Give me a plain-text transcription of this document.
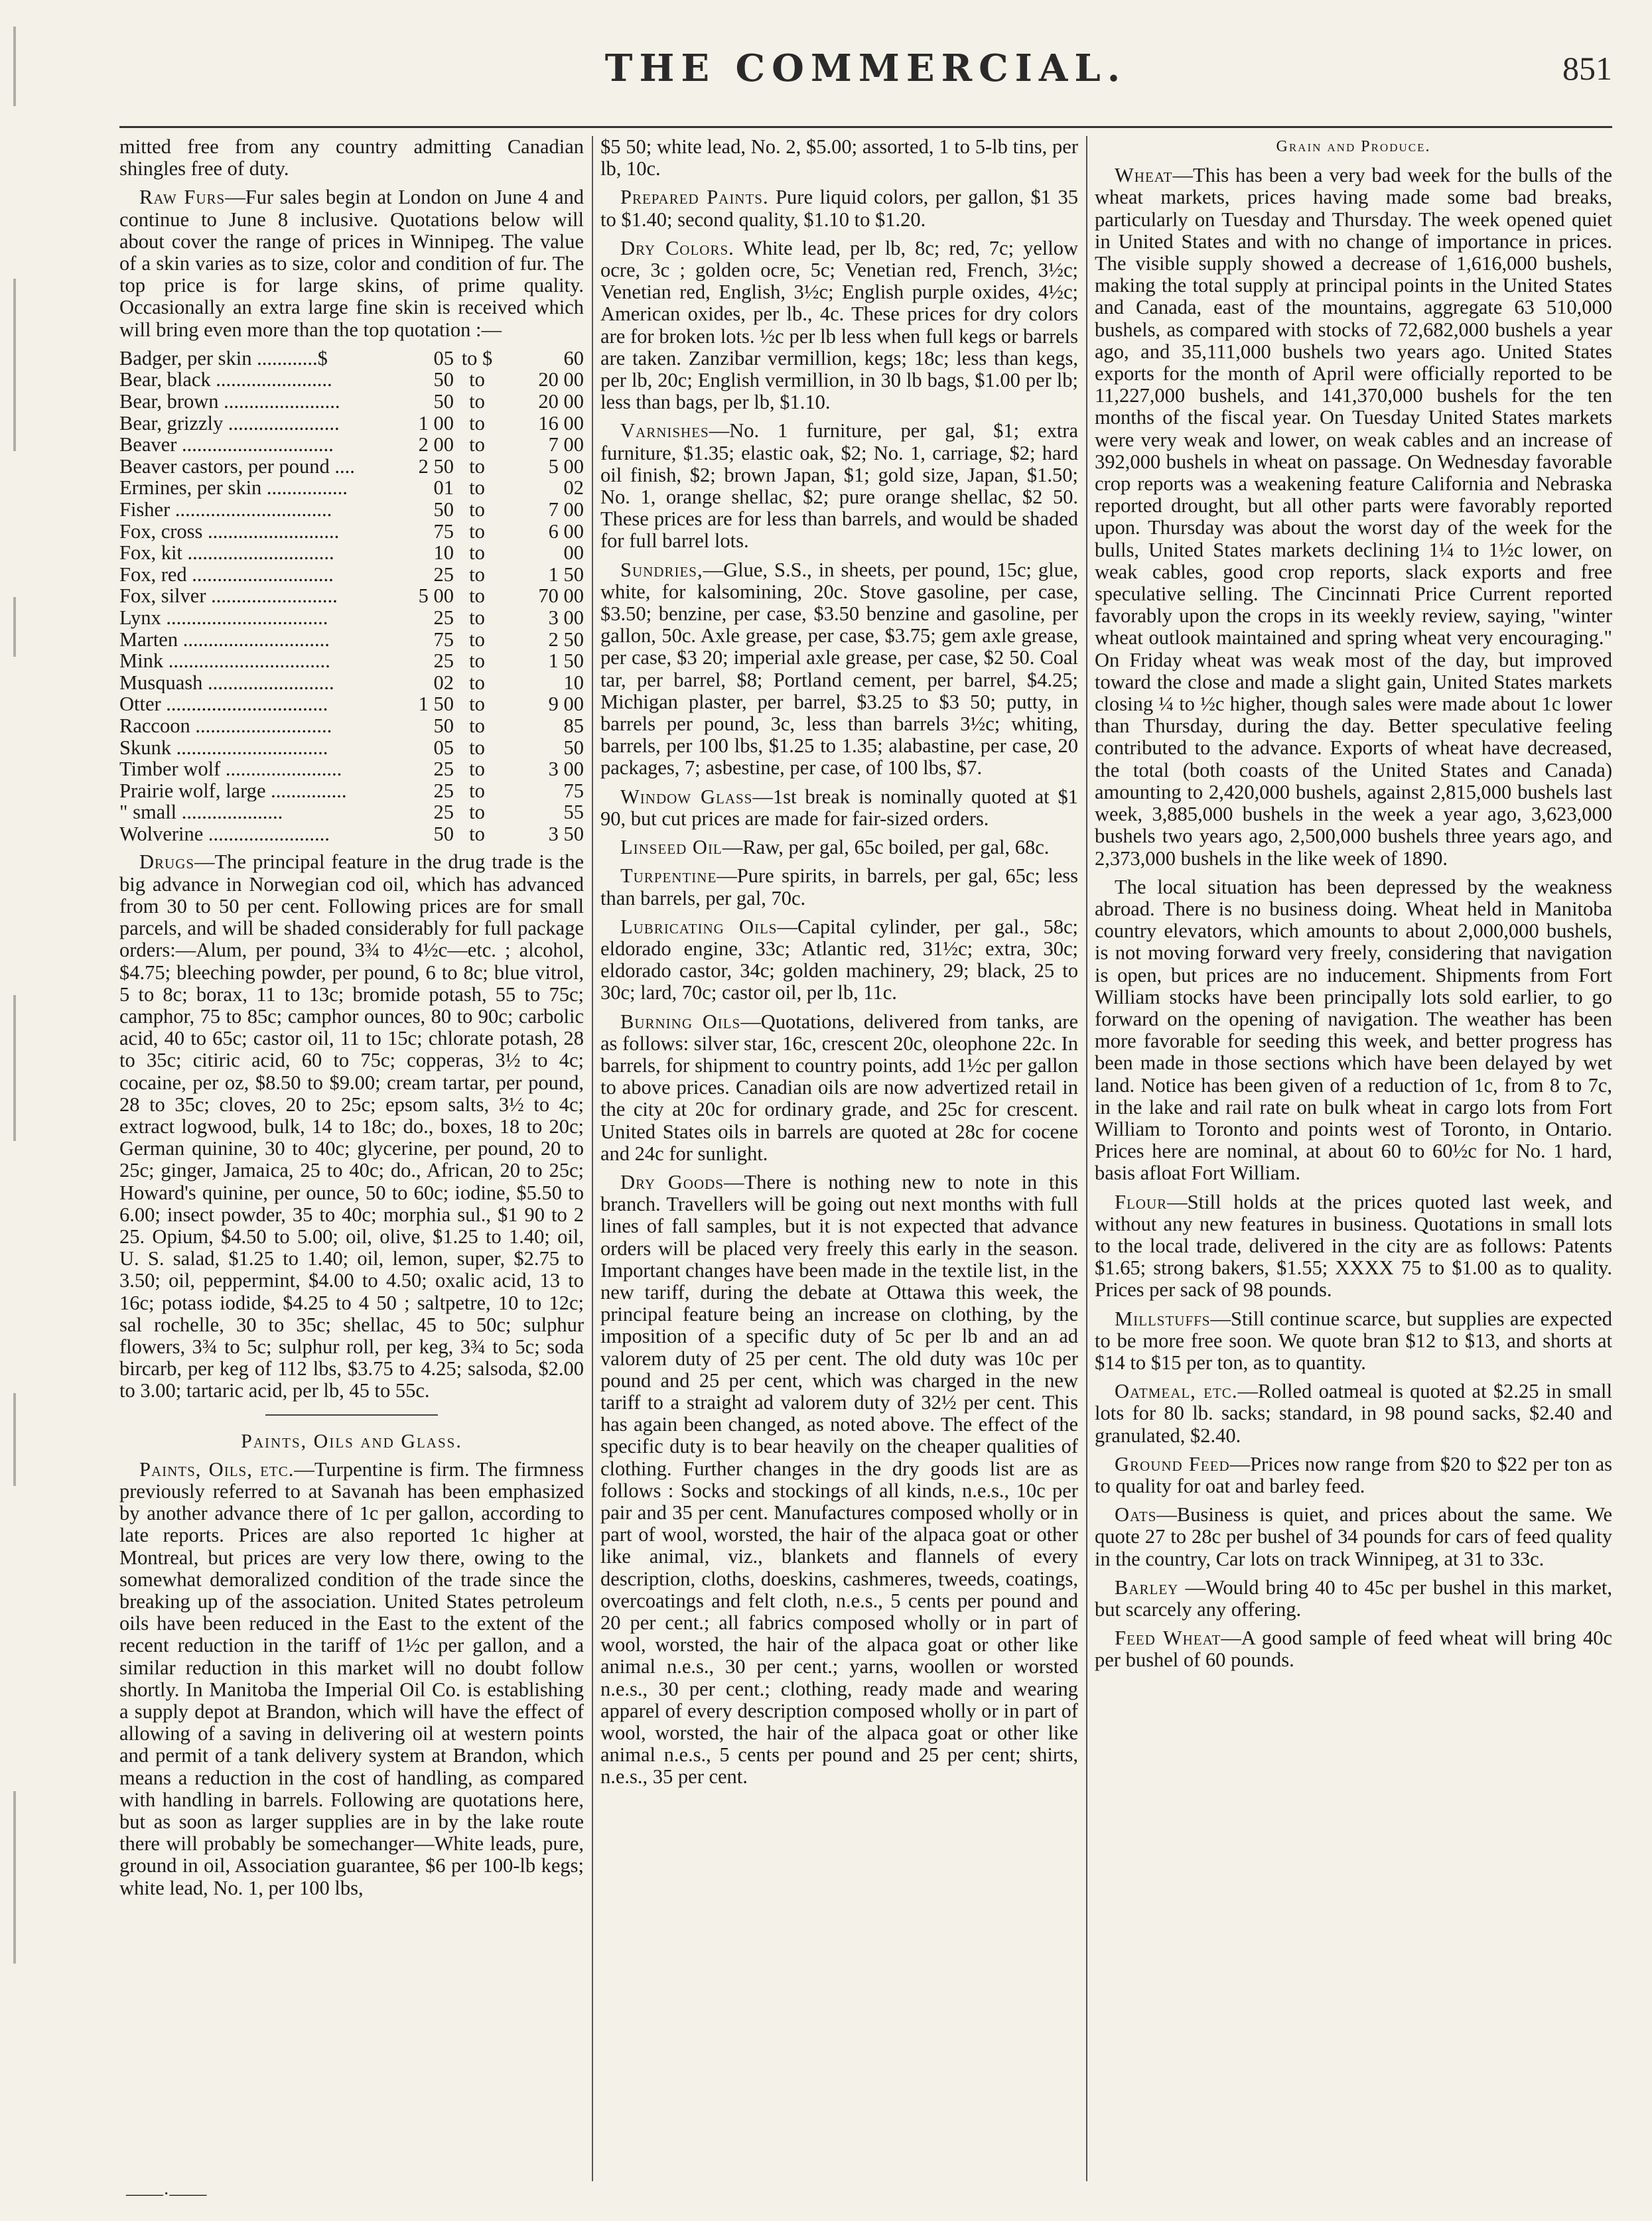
THE COMMERCIAL.	851

mitted free from any country admitting Canadian shingles free of duty.

Raw Furs—Fur sales begin at London on June 4 and continue to June 8 inclusive. Quotations below will about cover the range of prices in Winnipeg. The value of a skin varies as to size, color and condition of fur. The top price is for large skins, of prime quality. Occasionally an extra large fine skin is received which will bring even more than the top quotation :—

Badger, per skin ............$	05	to $	60
Bear, black .......................	50	to	20 00
Bear, brown .......................	50	to	20 00
Bear, grizzly ......................	1 00	to	16 00
Beaver ..............................	2 00	to	7 00
Beaver castors, per pound ....	2 50	to	5 00
Ermines, per skin ................	01	to	02
Fisher ...............................	50	to	7 00
Fox, cross ..........................	75	to	6 00
Fox, kit .............................	10	to	00
Fox, red ............................	25	to	1 50
Fox, silver .........................	5 00	to	70 00
Lynx ................................	25	to	3 00
Marten .............................	75	to	2 50
Mink ................................	25	to	1 50
Musquash .........................	02	to	10
Otter ................................	1 50	to	9 00
Raccoon ...........................	50	to	85
Skunk ..............................	05	to	50
Timber wolf .......................	25	to	3 00
Prairie wolf, large ...............	25	to	75
" small ....................	25	to	55
Wolverine ........................	50	to	3 50

Drugs—The principal feature in the drug trade is the big advance in Norwegian cod oil, which has advanced from 30 to 50 per cent. Following prices are for small parcels, and will be shaded considerably for full package orders:—Alum, per pound, 3¾ to 4½c—etc. ; alcohol, $4.75; bleeching powder, per pound, 6 to 8c; blue vitrol, 5 to 8c; borax, 11 to 13c; bromide potash, 55 to 75c; camphor, 75 to 85c; camphor ounces, 80 to 90c; carbolic acid, 40 to 65c; castor oil, 11 to 15c; chlorate potash, 28 to 35c; citiric acid, 60 to 75c; copperas, 3½ to 4c; cocaine, per oz, $8.50 to $9.00; cream tartar, per pound, 28 to 35c; cloves, 20 to 25c; epsom salts, 3½ to 4c; extract logwood, bulk, 14 to 18c; do., boxes, 18 to 20c; German quinine, 30 to 40c; glycerine, per pound, 20 to 25c; ginger, Jamaica, 25 to 40c; do., African, 20 to 25c; Howard's quinine, per ounce, 50 to 60c; iodine, $5.50 to 6.00; insect powder, 35 to 40c; morphia sul., $1 90 to 2 25. Opium, $4.50 to 5.00; oil, olive, $1.25 to 1.40; oil, U. S. salad, $1.25 to 1.40; oil, lemon, super, $2.75 to 3.50; oil, peppermint, $4.00 to 4.50; oxalic acid, 13 to 16c; potass iodide, $4.25 to 4 50 ; saltpetre, 10 to 12c; sal rochelle, 30 to 35c; shellac, 45 to 50c; sulphur flowers, 3¾ to 5c; sulphur roll, per keg, 3¾ to 5c; soda bircarb, per keg of 112 lbs, $3.75 to 4.25; salsoda, $2.00 to 3.00; tartaric acid, per lb, 45 to 55c.

Paints, Oils and Glass.

Paints, Oils, etc.—Turpentine is firm. The firmness previously referred to at Savanah has been emphasized by another advance there of 1c per gallon, according to late reports. Prices are also reported 1c higher at Montreal, but prices are very low there, owing to the somewhat demoralized condition of the trade since the breaking up of the association. United States petroleum oils have been reduced in the East to the extent of the recent reduction in the tariff of 1½c per gallon, and a similar reduction in this market will no doubt follow shortly. In Manitoba the Imperial Oil Co. is establishing a supply depot at Brandon, which will have the effect of allowing of a saving in delivering oil at western points and permit of a tank delivery system at Brandon, which means a reduction in the cost of handling, as compared with handling in barrels. Following are quotations here, but as soon as larger supplies are in by the lake route there will probably be somechanger—White leads, pure, ground in oil, Association guarantee, $6 per 100-lb kegs; white lead, No. 1, per 100 lbs,

$5 50; white lead, No. 2, $5.00; assorted, 1 to 5-lb tins, per lb, 10c.

Prepared Paints. Pure liquid colors, per gallon, $1 35 to $1.40; second quality, $1.10 to $1.20.

Dry Colors. White lead, per lb, 8c; red, 7c; yellow ocre, 3c ; golden ocre, 5c; Venetian red, French, 3½c; Venetian red, English, 3½c; English purple oxides, 4½c; American oxides, per lb., 4c. These prices for dry colors are for broken lots. ½c per lb less when full kegs or barrels are taken. Zanzibar vermillion, kegs; 18c; less than kegs, per lb, 20c; English vermillion, in 30 lb bags, $1.00 per lb; less than bags, per lb, $1.10.

Varnishes—No. 1 furniture, per gal, $1; extra furniture, $1.35; elastic oak, $2; No. 1, carriage, $2; hard oil finish, $2; brown Japan, $1; gold size, Japan, $1.50; No. 1, orange shellac, $2; pure orange shellac, $2 50. These prices are for less than barrels, and would be shaded for full barrel lots.

Sundries,—Glue, S.S., in sheets, per pound, 15c; glue, white, for kalsomining, 20c. Stove gasoline, per case, $3.50; benzine, per case, $3.50 benzine and gasoline, per gallon, 50c. Axle grease, per case, $3.75; gem axle grease, per case, $3 20; imperial axle grease, per case, $2 50. Coal tar, per barrel, $8; Portland cement, per barrel, $4.25; Michigan plaster, per barrel, $3.25 to $3 50; putty, in barrels per pound, 3c, less than barrels 3½c; whiting, barrels, per 100 lbs, $1.25 to 1.35; alabastine, per case, 20 packages, 7; asbestine, per case, of 100 lbs, $7.

Window Glass—1st break is nominally quoted at $1 90, but cut prices are made for fair-sized orders.

Linseed Oil—Raw, per gal, 65c boiled, per gal, 68c.

Turpentine—Pure spirits, in barrels, per gal, 65c; less than barrels, per gal, 70c.

Lubricating Oils—Capital cylinder, per gal., 58c; eldorado engine, 33c; Atlantic red, 31½c; extra, 30c; eldorado castor, 34c; golden machinery, 29; black, 25 to 30c; lard, 70c; castor oil, per lb, 11c.

Burning Oils—Quotations, delivered from tanks, are as follows: silver star, 16c, crescent 20c, oleophone 22c. In barrels, for shipment to country points, add 1½c per gallon to above prices. Canadian oils are now advertized retail in the city at 20c for ordinary grade, and 25c for crescent. United States oils in barrels are quoted at 28c for cocene and 24c for sunlight.

Dry Goods—There is nothing new to note in this branch. Travellers will be going out next months with full lines of fall samples, but it is not expected that advance orders will be placed very freely this early in the season. Important changes have been made in the textile list, in the new tariff, during the debate at Ottawa this week, the principal feature being an increase on clothing, by the imposition of a specific duty of 5c per lb and an ad valorem duty of 25 per cent. The old duty was 10c per pound and 25 per cent, which was charged in the new tariff to a straight ad valorem duty of 32½ per cent. This has again been changed, as noted above. The effect of the specific duty is to bear heavily on the cheaper qualities of clothing. Further changes in the dry goods list are as follows : Socks and stockings of all kinds, n.e.s., 10c per pair and 35 per cent. Manufactures composed wholly or in part of wool, worsted, the hair of the alpaca goat or other like animal, viz., blankets and flannels of every description, cloths, doeskins, cashmeres, tweeds, coatings, overcoatings and felt cloth, n.e.s., 5 cents per pound and 20 per cent.; all fabrics composed wholly or in part of wool, worsted, the hair of the alpaca goat or other like animal n.e.s., 30 per cent.; yarns, woollen or worsted n.e.s., 30 per cent.; clothing, ready made and wearing apparel of every description composed wholly or in part of wool, worsted, the hair of the alpaca goat or other like animal n.e.s., 5 cents per pound and 25 per cent; shirts, n.e.s., 35 per cent.

Grain and Produce.

Wheat—This has been a very bad week for the bulls of the wheat markets, prices having made some bad breaks, particularly on Tuesday and Thursday. The week opened quiet in United States and with no change of importance in prices. The visible supply showed a decrease of 1,616,000 bushels, making the total supply at principal points in the United States and Canada, east of the mountains, aggregate 63 510,000 bushels, as compared with stocks of 72,682,000 bushels a year ago, and 35,111,000 bushels two years ago. United States exports for the month of April were officially reported to be 11,227,000 bushels, and 141,370,000 bushels for the ten months of the fiscal year. On Tuesday United States markets were very weak and lower, on weak cables and an increase of 392,000 bushels in wheat on passage. On Wednesday favorable crop reports was a weakening feature California and Nebraska reported drought, but all other parts were favorably reported upon. Thursday was about the worst day of the week for the bulls, United States markets declining 1¼ to 1½c lower, on weak cables, good crop reports, slack exports and free speculative selling. The Cincinnati Price Current reported favorably upon the crops in its weekly review, saying, "winter wheat outlook maintained and spring wheat very encouraging." On Friday wheat was weak most of the day, but improved toward the close and made a slight gain, United States markets closing ¼ to ½c higher, though sales were made about 1c lower than Thursday, during the day. Better speculative feeling contributed to the advance. Exports of wheat have decreased, the total (both coasts of the United States and Canada) amounting to 2,420,000 bushels, against 2,815,000 bushels last week, 3,885,000 bushels in the week a year ago, 3,623,000 bushels two years ago, 2,500,000 bushels three years ago, and 2,373,000 bushels in the like week of 1890.

The local situation has been depressed by the weakness abroad. There is no business doing. Wheat held in Manitoba country elevators, which amounts to about 2,000,000 bushels, is not moving forward very freely, considering that navigation is open, but prices are no inducement. Shipments from Fort William stocks have been principally lots sold earlier, to go forward on the opening of navigation. The weather has been more favorable for seeding this week, and better progress has been made in those sections which have been delayed by wet land. Notice has been given of a reduction of 1c, from 8 to 7c, in the lake and rail rate on bulk wheat in cargo lots from Fort William to Toronto and points west of Toronto, in Ontario. Prices here are nominal, at about 60 to 60½c for No. 1 hard, basis afloat Fort William.

Flour—Still holds at the prices quoted last week, and without any new features in business. Quotations in small lots to the local trade, delivered in the city are as follows: Patents $1.65; strong bakers, $1.55; XXXX 75 to $1.00 as to quality. Prices per sack of 98 pounds.

Millstuffs—Still continue scarce, but supplies are expected to be more free soon. We quote bran $12 to $13, and shorts at $14 to $15 per ton, as to quantity.

Oatmeal, etc.—Rolled oatmeal is quoted at $2.25 in small lots for 80 lb. sacks; standard, in 98 pound sacks, $2.40 and granulated, $2.40.

Ground Feed—Prices now range from $20 to $22 per ton as to quality for oat and barley feed.

Oats—Business is quiet, and prices about the same. We quote 27 to 28c per bushel of 34 pounds for cars of feed quality in the country, Car lots on track Winnipeg, at 31 to 33c.

Barley —Would bring 40 to 45c per bushel in this market, but scarcely any offering.

Feed Wheat—A good sample of feed wheat will bring 40c per bushel of 60 pounds.

——·——
